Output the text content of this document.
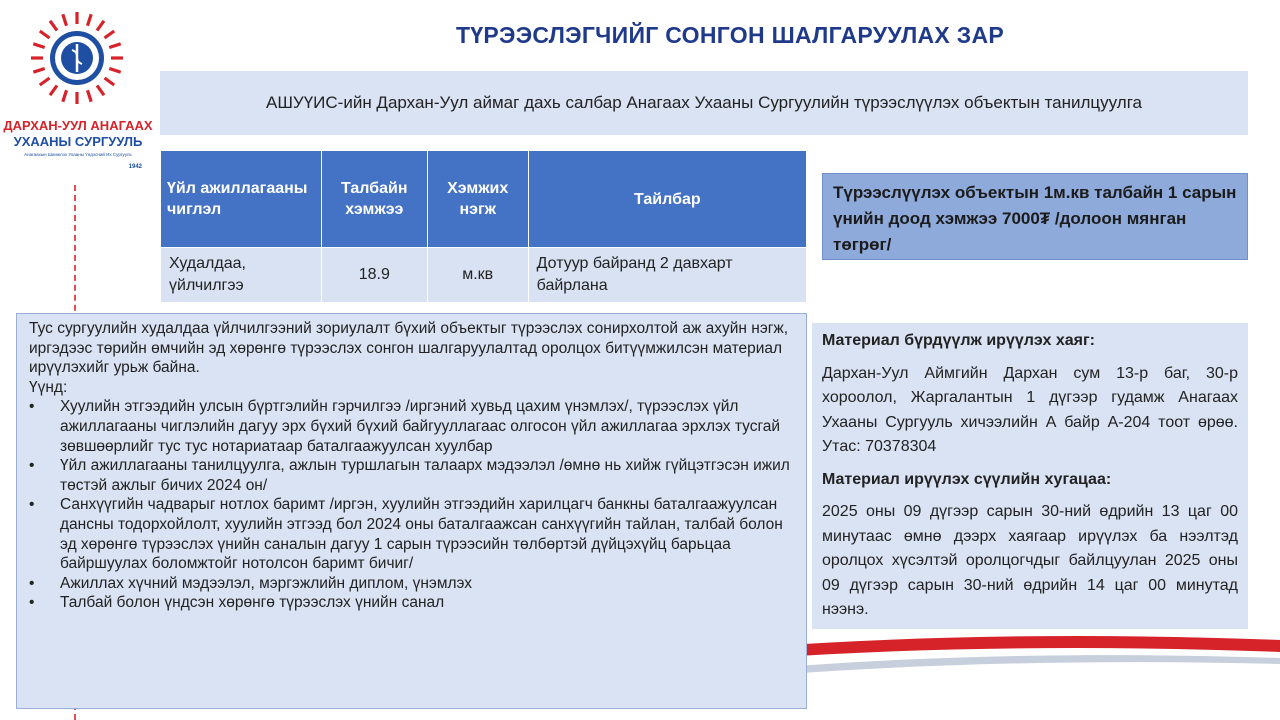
ДАРХАН-УУЛ АНАГААХ
УХААНЫ СУРГУУЛЬ
Анагаахын Шинжлэх Ухааны Үндэсний Их Сургууль
1942
ТҮРЭЭСЛЭГЧИЙГ СОНГОН ШАЛГАРУУЛАХ ЗАР
АШУҮИС-ийн Дархан-Уул аймаг дахь салбар Анагаах Ухааны Сургуулийн түрээслүүлэх объектын танилцуулга
Үйл ажиллагааны чиглэл	Талбайн хэмжээ	Хэмжих нэгж	Тайлбар
Худалдаа, үйлчилгээ	18.9	м.кв	Дотуур байранд 2 давхарт байрлана
Түрээслүүлэх объектын 1м.кв талбайн 1 сарын үнийн доод хэмжээ 7000₮ /долоон мянган төгрөг/

Тус сургуулийн худалдаа үйлчилгээний зориулалт бүхий объектыг түрээслэх сонирхолтой аж ахуйн нэгж, иргэдээс төрийн өмчийн эд хөрөнгө түрээслэх сонгон шалгаруулалтад оролцох битүүмжилсэн материал ирүүлэхийг урьж байна.

Үүнд:

• Хуулийн этгээдийн улсын бүртгэлийн гэрчилгээ /иргэний хувьд цахим үнэмлэх/, түрээслэх үйл ажиллагааны чиглэлийн дагуу эрх бүхий бүхий байгууллагаас олгосон үйл ажиллагаа эрхлэх тусгай зөвшөөрлийг тус тус нотариатаар баталгаажуулсан хуулбар
• Үйл ажиллагааны танилцуулга, ажлын туршлагын талаарх мэдээлэл /өмнө нь хийж гүйцэтгэсэн ижил төстэй ажлыг бичих 2024 он/
• Санхүүгийн чадварыг нотлох баримт /иргэн, хуулийн этгээдийн харилцагч банкны баталгаажуулсан дансны тодорхойлолт, хуулийн этгээд бол 2024 оны баталгаажсан санхүүгийн тайлан, талбай болон эд хөрөнгө түрээслэх үнийн саналын дагуу 1 сарын түрээсийн төлбөртэй дүйцэхүйц барьцаа байршуулах боломжтойг нотолсон баримт бичиг/
• Ажиллах хүчний мэдээлэл, мэргэжлийн диплом, үнэмлэх
• Талбай болон үндсэн хөрөнгө түрээслэх үнийн санал

Материал бүрдүүлж ирүүлэх хаяг:

Дархан-Уул Аймгийн Дархан сум 13-р баг, 30-р хороолол, Жаргалантын 1 дүгээр гудамж Анагаах Ухааны Сургууль хичээлийн А байр А-204 тоот өрөө. Утас: 70378304

Материал ирүүлэх сүүлийн хугацаа:

2025 оны 09 дүгээр сарын 30-ний өдрийн 13 цаг 00 минутаас өмнө дээрх хаягаар ирүүлэх ба нээлтэд оролцох хүсэлтэй оролцогчдыг байлцуулан 2025 оны 09 дүгээр сарын 30-ний өдрийн 14 цаг 00 минутад нээнэ.
